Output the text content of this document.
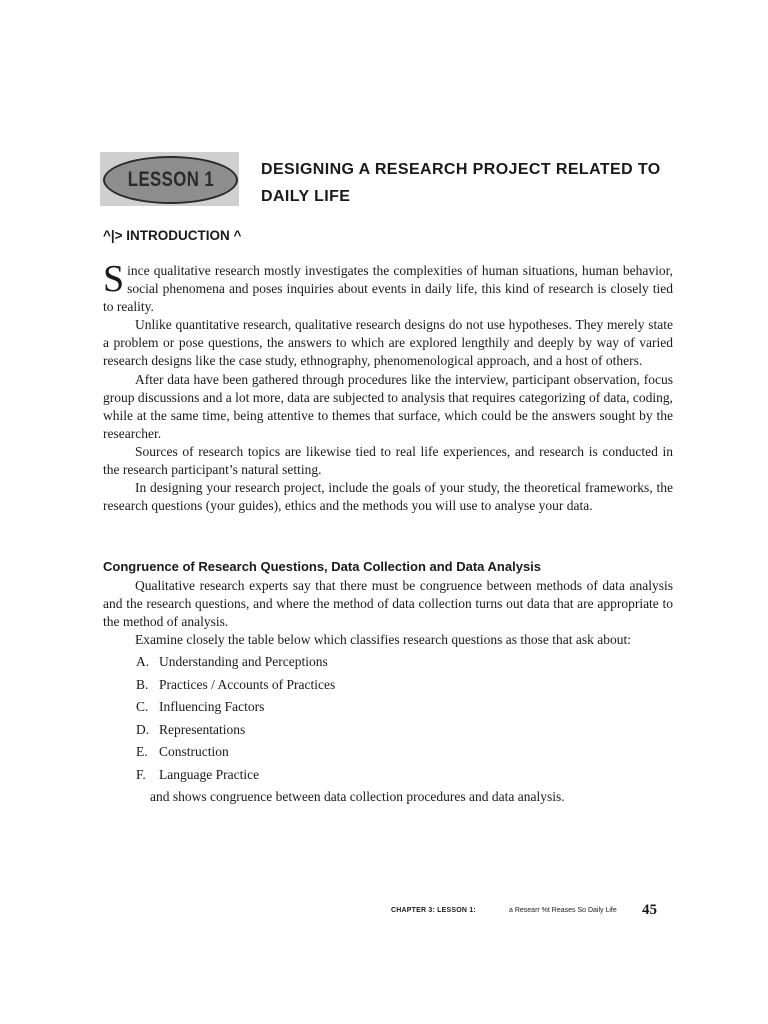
LESSON 1	DESIGNING A RESEARCH PROJECT RELATED TO DAILY LIFE
^|> INTRODUCTION ^

Since qualitative research mostly investigates the complexities of human situations, human behavior, social phenomena and poses inquiries about events in daily life, this kind of research is closely tied to reality.

Unlike quantitative research, qualitative research designs do not use hypotheses. They merely state a problem or pose questions, the answers to which are explored lengthily and deeply by way of varied research designs like the case study, ethnography, phenomenological approach, and a host of others.

After data have been gathered through procedures like the interview, participant observation, focus group discussions and a lot more, data are subjected to analysis that requires categorizing of data, coding, while at the same time, being attentive to themes that surface, which could be the answers sought by the researcher.

Sources of research topics are likewise tied to real life experiences, and research is conducted in the research participant’s natural setting.

In designing your research project, include the goals of your study, the theoretical frameworks, the research questions (your guides), ethics and the methods you will use to analyse your data.

Congruence of Research Questions, Data Collection and Data Analysis

Qualitative research experts say that there must be congruence between methods of data analysis and the research questions, and where the method of data collection turns out data that are appropriate to the method of analysis.

Examine closely the table below which classifies research questions as those that ask about:

A. Understanding and Perceptions
B. Practices / Accounts of Practices
C. Influencing Factors
D. Representations
E. Construction
F. Language Practice

and shows congruence between data collection procedures and data analysis.

CHAPTER 3: LESSON 1:	a Researr %t Reases So Daily Life 45
